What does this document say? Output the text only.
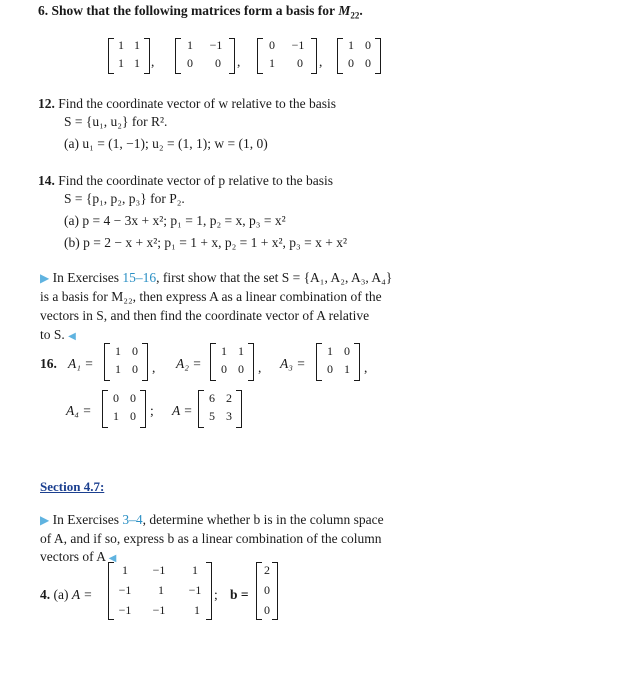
6. Show that the following matrices form a basis for $M_{22}$.
1 1
1 1 ,
1	−1
0	0 ,
0	−1
1	0 ,
1 0
0 0
12. Find the coordinate vector of w relative to the basis
S = {u₁, u₂} for R².
(a) u₁ = (1, −1); u₂ = (1, 1); w = (1, 0)
14. Find the coordinate vector of p relative to the basis
S = {p₁, p₂, p₃} for P₂.
(a) p = 4 − 3x + x²; p₁ = 1, p₂ = x, p₃ = x²
(b) p = 2 − x + x²; p₁ = 1 + x, p₂ = 1 + x², p₃ = x + x²
▶ In Exercises 15–16, first show that the set S = {A₁, A₂, A₃, A₄}
is a basis for M₂₂, then express A as a linear combination of the
vectors in S, and then find the coordinate vector of A relative
to S. ◀
16. A₁ =
1 0
1 0 , A₂ =
1 1
0 0 , A₃ =
1 0
0 1 ,
A₄ =
0 0
1 0 ; A =
6 2
5 3
Section 4.7:
▶ In Exercises 3–4, determine whether b is in the column space
of A, and if so, express b as a linear combination of the column
vectors of A ◀
4. (a) A =
1	−1	1
−1	1	−1
−1 −1	1
; b =
2
0
0
